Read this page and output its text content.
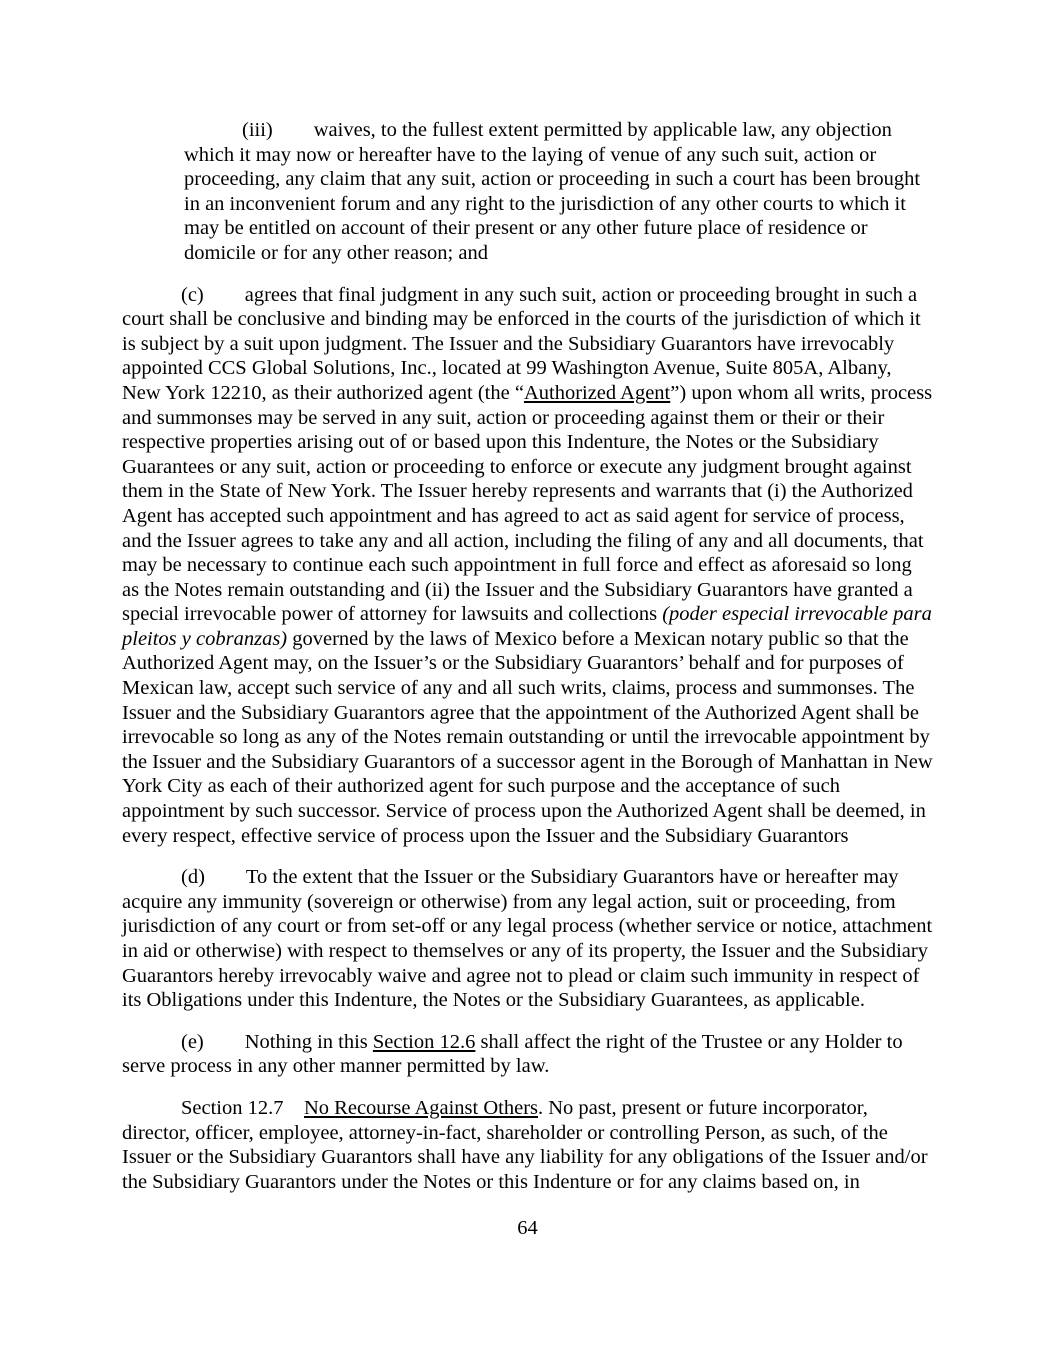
(iii)  waives, to the fullest extent permitted by applicable law, any objection which it may now or hereafter have to the laying of venue of any such suit, action or proceeding, any claim that any suit, action or proceeding in such a court has been brought in an inconvenient forum and any right to the jurisdiction of any other courts to which it may be entitled on account of their present or any other future place of residence or domicile or for any other reason; and

(c)  agrees that final judgment in any such suit, action or proceeding brought in such a court shall be conclusive and binding may be enforced in the courts of the jurisdiction of which it is subject by a suit upon judgment. The Issuer and the Subsidiary Guarantors have irrevocably appointed CCS Global Solutions, Inc., located at 99 Washington Avenue, Suite 805A, Albany, New York 12210, as their authorized agent (the “Authorized Agent”) upon whom all writs, process and summonses may be served in any suit, action or proceeding against them or their or their respective properties arising out of or based upon this Indenture, the Notes or the Subsidiary Guarantees or any suit, action or proceeding to enforce or execute any judgment brought against them in the State of New York. The Issuer hereby represents and warrants that (i) the Authorized Agent has accepted such appointment and has agreed to act as said agent for service of process, and the Issuer agrees to take any and all action, including the filing of any and all documents, that may be necessary to continue each such appointment in full force and effect as aforesaid so long as the Notes remain outstanding and (ii) the Issuer and the Subsidiary Guarantors have granted a special irrevocable power of attorney for lawsuits and collections (poder especial irrevocable para pleitos y cobranzas) governed by the laws of Mexico before a Mexican notary public so that the Authorized Agent may, on the Issuer’s or the Subsidiary Guarantors’ behalf and for purposes of Mexican law, accept such service of any and all such writs, claims, process and summonses. The Issuer and the Subsidiary Guarantors agree that the appointment of the Authorized Agent shall be irrevocable so long as any of the Notes remain outstanding or until the irrevocable appointment by the Issuer and the Subsidiary Guarantors of a successor agent in the Borough of Manhattan in New York City as each of their authorized agent for such purpose and the acceptance of such appointment by such successor. Service of process upon the Authorized Agent shall be deemed, in every respect, effective service of process upon the Issuer and the Subsidiary Guarantors

(d)  To the extent that the Issuer or the Subsidiary Guarantors have or hereafter may acquire any immunity (sovereign or otherwise) from any legal action, suit or proceeding, from jurisdiction of any court or from set-off or any legal process (whether service or notice, attachment in aid or otherwise) with respect to themselves or any of its property, the Issuer and the Subsidiary Guarantors hereby irrevocably waive and agree not to plead or claim such immunity in respect of its Obligations under this Indenture, the Notes or the Subsidiary Guarantees, as applicable.

(e)  Nothing in this Section 12.6 shall affect the right of the Trustee or any Holder to serve process in any other manner permitted by law.

Section 12.7 No Recourse Against Others. No past, present or future incorporator, director, officer, employee, attorney-in-fact, shareholder or controlling Person, as such, of the Issuer or the Subsidiary Guarantors shall have any liability for any obligations of the Issuer and/or the Subsidiary Guarantors under the Notes or this Indenture or for any claims based on, in

64
